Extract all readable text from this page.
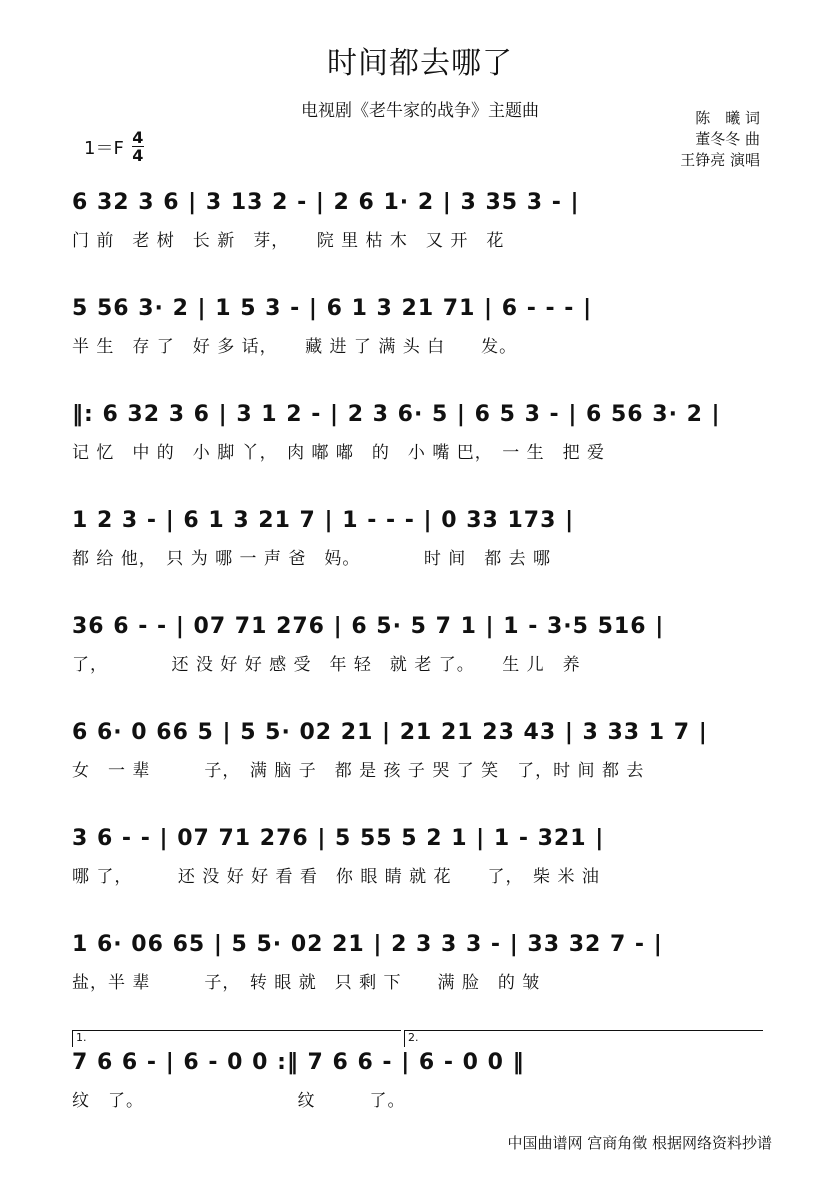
时间都去哪了
电视剧《老牛家的战争》主题曲	陈　曦 词
董冬冬 曲
王铮亮 演唱
$1=F \frac{4}{4}$
6 32 3 6 | 3 13 2 - | 2 6 1· 2 | 3 35 3 - |
门 前　老 树　长 新　芽，　　院 里 枯 木　又 开　花
5 56 3· 2 | 1 5 3 - | 6 1 3 21 71 | 6 - - - |
半 生　存 了　好 多 话，　　藏 进 了 满 头 白　　发。
‖: 6 32 3 6 | 3 1 2 - | 2 3 6· 5 | 6 5 3 - | 6 56 3· 2 |
记 忆　中 的　小 脚 丫，　肉 嘟 嘟　的　小 嘴 巴，　一 生　把 爱
1 2 3 - | 6 1 3 21 7 | 1 - - - | 0 33 173 |
都 给 他，　只 为 哪 一 声 爸　妈。　　　　时 间　都 去 哪
36 6 - - | 07 71 276 | 6 5· 5 7 1 | 1 - 3·5 516 |
了，　　　　还 没 好 好 感 受　年 轻　就 老 了。　　生 儿　养
6 6· 0 66 5 | 5 5· 02 21 | 21 21 23 43 | 3 33 1 7 |
女　一 辈　　　子，　满 脑 子　都 是 孩 子 哭 了 笑　了，时 间 都 去
3 6 - - | 07 71 276 | 5 55 5 2 1 | 1 - 321 |
哪 了，　　　还 没 好 好 看 看　你 眼 睛 就 花　　了，　柴 米 油
1 6· 06 65 | 5 5· 02 21 | 2 3 3 3 - | 33 32 7 - |
盐，半 辈　　　子，　转 眼 就　只 剩 下　　满 脸　的 皱
1.	2.
7 6 6 - | 6 - 0 0 :‖ 7 6 6 - | 6 - 0 0 ‖
纹　了。　　　　　　　　　纹　　　了。
中国曲谱网 宫商角徵 根据网络资料抄谱
